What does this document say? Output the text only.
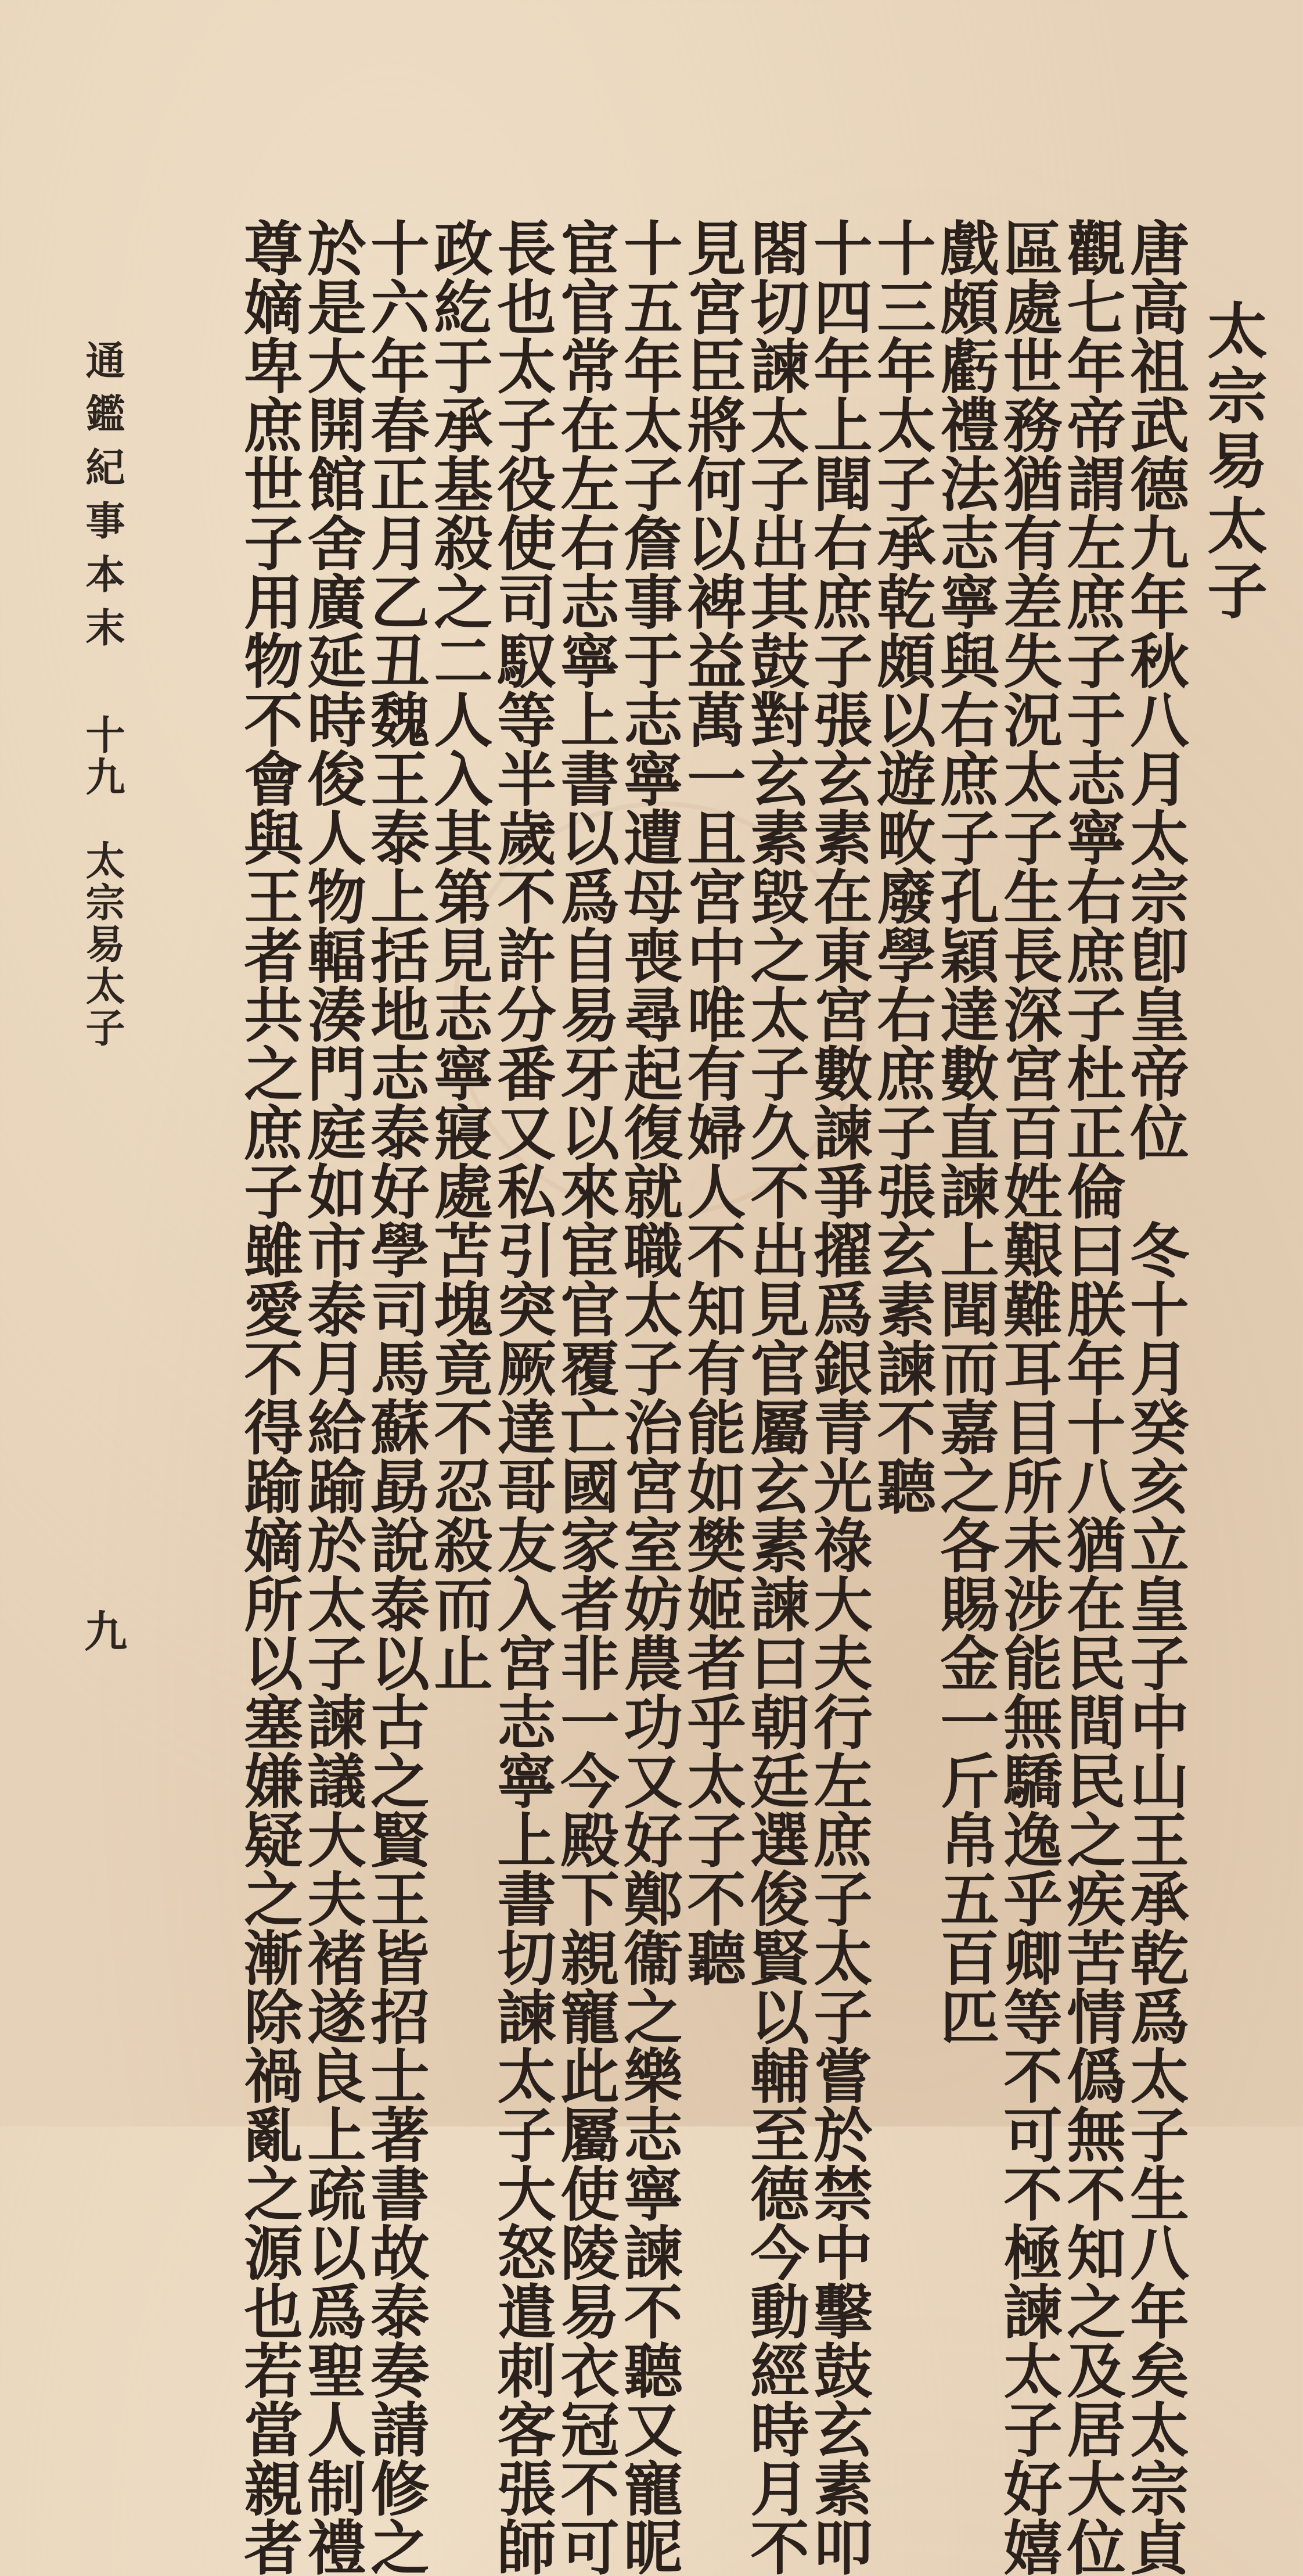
太宗易太子
唐高祖武德九年秋八月太宗卽皇帝位　冬十月癸亥立皇子中山王承乾爲太子生八年矣太宗貞
觀七年帝謂左庶子于志寧右庶子杜正倫曰朕年十八猶在民間民之疾苦情僞無不知之及居大位
區處世務猶有差失況太子生長深宮百姓艱難耳目所未涉能無驕逸乎卿等不可不極諫太子好嬉
戲頗虧禮法志寧與右庶子孔穎達數直諫上聞而嘉之各賜金一斤帛五百匹
十三年太子承乾頗以遊畋廢學右庶子張玄素諫不聽
十四年上聞右庶子張玄素在東宮數諫爭擢爲銀青光祿大夫行左庶子太子嘗於禁中擊鼓玄素叩
閤切諫太子出其鼓對玄素毀之太子久不出見官屬玄素諫曰朝廷選俊賢以輔至德今動經時月不
見宮臣將何以裨益萬一且宮中唯有婦人不知有能如樊姬者乎太子不聽
十五年太子詹事于志寧遭母喪尋起復就職太子治宮室妨農功又好鄭衞之樂志寧諫不聽又寵昵
宦官常在左右志寧上書以爲自易牙以來宦官覆亡國家者非一今殿下親寵此屬使陵易衣冠不可
長也太子役使司馭等半歲不許分番又私引突厥達哥友入宮志寧上書切諫太子大怒遣刺客張師
政紇于承基殺之二人入其第見志寧寢處苫塊竟不忍殺而止
十六年春正月乙丑魏王泰上括地志泰好學司馬蘇勗說泰以古之賢王皆招士著書故泰奏請修之
於是大開館舍廣延時俊人物輻湊門庭如市泰月給踰於太子諫議大夫褚遂良上疏以爲聖人制禮
尊嫡卑庶世子用物不會與王者共之庶子雖愛不得踰嫡所以塞嫌疑之漸除禍亂之源也若當親者
通鑑紀事本末
十九　太宗易太子
九
